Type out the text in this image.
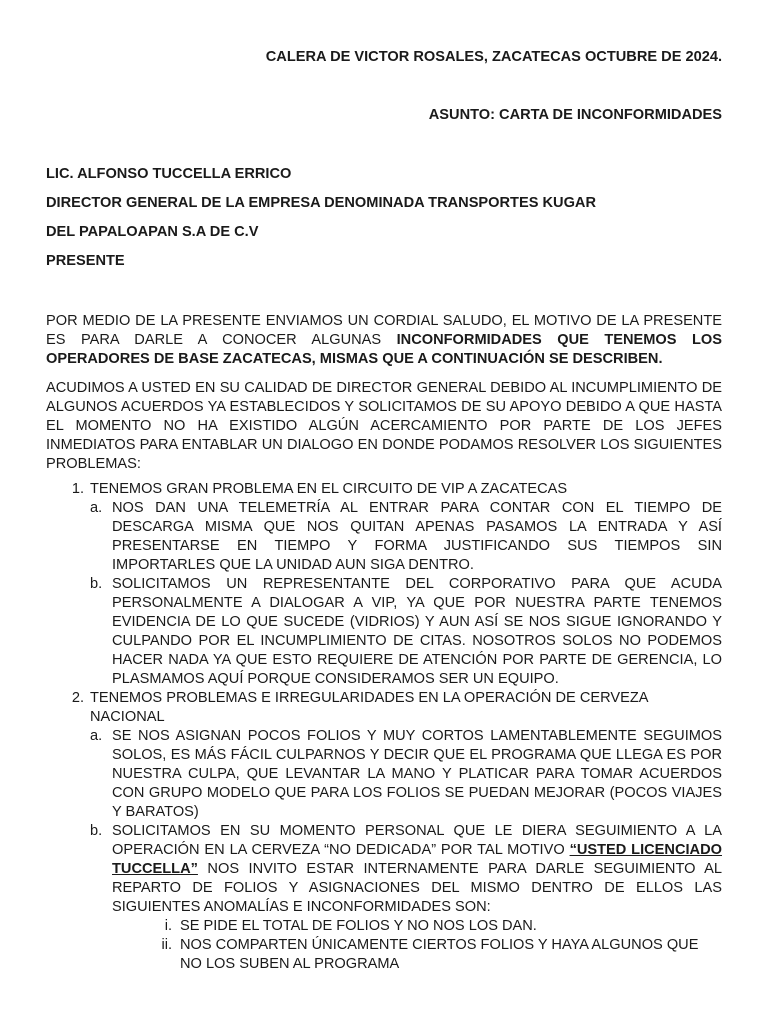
CALERA DE VICTOR ROSALES, ZACATECAS OCTUBRE DE 2024.

ASUNTO: CARTA DE INCONFORMIDADES

LIC. ALFONSO TUCCELLA ERRICO

DIRECTOR GENERAL DE LA EMPRESA DENOMINADA TRANSPORTES KUGAR

DEL PAPALOAPAN S.A DE C.V

PRESENTE

POR MEDIO DE LA PRESENTE ENVIAMOS UN CORDIAL SALUDO, EL MOTIVO DE LA PRESENTE ES PARA DARLE A CONOCER ALGUNAS INCONFORMIDADES QUE TENEMOS LOS OPERADORES DE BASE ZACATECAS, MISMAS QUE A CONTINUACIÓN SE DESCRIBEN.

ACUDIMOS A USTED EN SU CALIDAD DE DIRECTOR GENERAL DEBIDO AL INCUMPLIMIENTO DE ALGUNOS ACUERDOS YA ESTABLECIDOS Y SOLICITAMOS DE SU APOYO DEBIDO A QUE HASTA EL MOMENTO NO HA EXISTIDO ALGÚN ACERCAMIENTO POR PARTE DE LOS JEFES INMEDIATOS PARA ENTABLAR UN DIALOGO EN DONDE PODAMOS RESOLVER LOS SIGUIENTES PROBLEMAS:

1. TENEMOS GRAN PROBLEMA EN EL CIRCUITO DE VIP A ZACATECAS
a. NOS DAN UNA TELEMETRÍA AL ENTRAR PARA CONTAR CON EL TIEMPO DE DESCARGA MISMA QUE NOS QUITAN APENAS PASAMOS LA ENTRADA Y ASÍ PRESENTARSE EN TIEMPO Y FORMA JUSTIFICANDO SUS TIEMPOS SIN IMPORTARLES QUE LA UNIDAD AUN SIGA DENTRO.
b. SOLICITAMOS UN REPRESENTANTE DEL CORPORATIVO PARA QUE ACUDA PERSONALMENTE A DIALOGAR A VIP, YA QUE POR NUESTRA PARTE TENEMOS EVIDENCIA DE LO QUE SUCEDE (VIDRIOS) Y AUN ASÍ SE NOS SIGUE IGNORANDO Y CULPANDO POR EL INCUMPLIMIENTO DE CITAS. NOSOTROS SOLOS NO PODEMOS HACER NADA YA QUE ESTO REQUIERE DE ATENCIÓN POR PARTE DE GERENCIA, LO PLASMAMOS AQUÍ PORQUE CONSIDERAMOS SER UN EQUIPO.
2. TENEMOS PROBLEMAS E IRREGULARIDADES EN LA OPERACIÓN DE CERVEZA NACIONAL
a. SE NOS ASIGNAN POCOS FOLIOS Y MUY CORTOS LAMENTABLEMENTE SEGUIMOS SOLOS, ES MÁS FÁCIL CULPARNOS Y DECIR QUE EL PROGRAMA QUE LLEGA ES POR NUESTRA CULPA, QUE LEVANTAR LA MANO Y PLATICAR PARA TOMAR ACUERDOS CON GRUPO MODELO QUE PARA LOS FOLIOS SE PUEDAN MEJORAR (POCOS VIAJES Y BARATOS)
b. SOLICITAMOS EN SU MOMENTO PERSONAL QUE LE DIERA SEGUIMIENTO A LA OPERACIÓN EN LA CERVEZA “NO DEDICADA” POR TAL MOTIVO “USTED LICENCIADO TUCCELLA” NOS INVITO ESTAR INTERNAMENTE PARA DARLE SEGUIMIENTO AL REPARTO DE FOLIOS Y ASIGNACIONES DEL MISMO DENTRO DE ELLOS LAS SIGUIENTES ANOMALÍAS E INCONFORMIDADES SON:
i. SE PIDE EL TOTAL DE FOLIOS Y NO NOS LOS DAN.
ii. NOS COMPARTEN ÚNICAMENTE CIERTOS FOLIOS Y HAYA ALGUNOS QUE NO LOS SUBEN AL PROGRAMA
